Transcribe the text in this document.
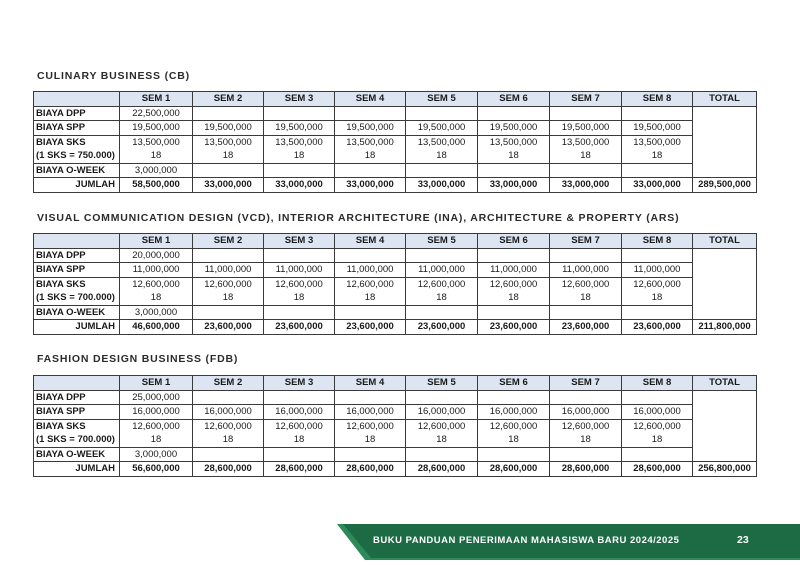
CULINARY BUSINESS (CB)
	SEM 1	SEM 2	SEM 3	SEM 4	SEM 5	SEM 6	SEM 7	SEM 8	TOTAL
BIAYA DPP	22,500,000								
BIAYA SPP	19,500,000	19,500,000	19,500,000	19,500,000	19,500,000	19,500,000	19,500,000	19,500,000	
BIAYA SKS	13,500,000	13,500,000	13,500,000	13,500,000	13,500,000	13,500,000	13,500,000	13,500,000	
(1 SKS = 750.000)	18	18	18	18	18	18	18	18	
BIAYA O-WEEK	3,000,000								
JUMLAH	58,500,000	33,000,000	33,000,000	33,000,000	33,000,000	33,000,000	33,000,000	33,000,000	289,500,000
VISUAL COMMUNICATION DESIGN (VCD), INTERIOR ARCHITECTURE (INA), ARCHITECTURE & PROPERTY (ARS)
	SEM 1	SEM 2	SEM 3	SEM 4	SEM 5	SEM 6	SEM 7	SEM 8	TOTAL
BIAYA DPP	20,000,000								
BIAYA SPP	11,000,000	11,000,000	11,000,000	11,000,000	11,000,000	11,000,000	11,000,000	11,000,000	
BIAYA SKS	12,600,000	12,600,000	12,600,000	12,600,000	12,600,000	12,600,000	12,600,000	12,600,000	
(1 SKS = 700.000)	18	18	18	18	18	18	18	18	
BIAYA O-WEEK	3,000,000								
JUMLAH	46,600,000	23,600,000	23,600,000	23,600,000	23,600,000	23,600,000	23,600,000	23,600,000	211,800,000
FASHION DESIGN BUSINESS (FDB)
	SEM 1	SEM 2	SEM 3	SEM 4	SEM 5	SEM 6	SEM 7	SEM 8	TOTAL
BIAYA DPP	25,000,000								
BIAYA SPP	16,000,000	16,000,000	16,000,000	16,000,000	16,000,000	16,000,000	16,000,000	16,000,000	
BIAYA SKS	12,600,000	12,600,000	12,600,000	12,600,000	12,600,000	12,600,000	12,600,000	12,600,000	
(1 SKS = 700.000)	18	18	18	18	18	18	18	18	
BIAYA O-WEEK	3,000,000								
JUMLAH	56,600,000	28,600,000	28,600,000	28,600,000	28,600,000	28,600,000	28,600,000	28,600,000	256,800,000
BUKU PANDUAN PENERIMAAN MAHASISWA BARU 2024/2025	23
